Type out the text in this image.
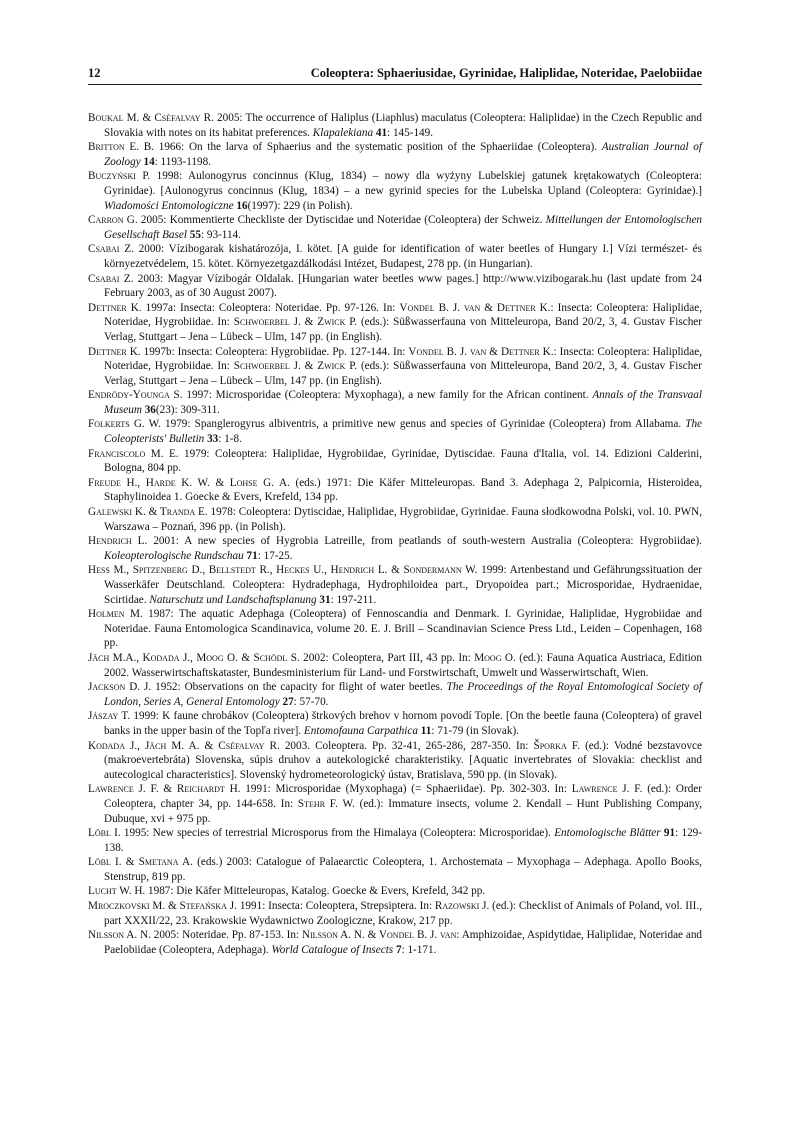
12	Coleoptera: Sphaeriusidae, Gyrinidae, Haliplidae, Noteridae, Paelobiidae
Boukal M. & Cséfalvay R. 2005: The occurrence of Haliplus (Liaphlus) maculatus (Coleoptera: Haliplidae) in the Czech Republic and Slovakia with notes on its habitat preferences. Klapalekiana 41: 145-149.
Britton E. B. 1966: On the larva of Sphaerius and the systematic position of the Sphaeriidae (Coleoptera). Australian Journal of Zoology 14: 1193-1198.
Buczyński P. 1998: Aulonogyrus concinnus (Klug, 1834) – nowy dla wyżyny Lubelskiej gatunek krętakowatych (Coleoptera: Gyrinidae). [Aulonogyrus concinnus (Klug, 1834) – a new gyrinid species for the Lubelska Upland (Coleoptera: Gyrinidae).] Wiadomości Entomologiczne 16(1997): 229 (in Polish).
Carron G. 2005: Kommentierte Checkliste der Dytiscidae und Noteridae (Coleoptera) der Schweiz. Mitteilungen der Entomologischen Gesellschaft Basel 55: 93-114.
Csabai Z. 2000: Vízibogarak kishatározója, I. kötet. [A guide for identification of water beetles of Hungary I.] Vízi természet- és környezetvédelem, 15. kötet. Környezetgazdálkodási Intézet, Budapest, 278 pp. (in Hungarian).
Csabai Z. 2003: Magyar Vízibogár Oldalak. [Hungarian water beetles www pages.] http://www.vizibogarak.hu (last update from 24 February 2003, as of 30 August 2007).
Dettner K. 1997a: Insecta: Coleoptera: Noteridae. Pp. 97-126. In: Vondel B. J. van & Dettner K.: Insecta: Coleoptera: Haliplidae, Noteridae, Hygrobiidae. In: Schwoerbel J. & Zwick P. (eds.): Süßwasserfauna von Mitteleuropa, Band 20/2, 3, 4. Gustav Fischer Verlag, Stuttgart – Jena – Lübeck – Ulm, 147 pp. (in English).
Dettner K. 1997b: Insecta: Coleoptera: Hygrobiidae. Pp. 127-144. In: Vondel B. J. van & Dettner K.: Insecta: Coleoptera: Haliplidae, Noteridae, Hygrobiidae. In: Schwoerbel J. & Zwick P. (eds.): Süßwasserfauna von Mitteleuropa, Band 20/2, 3, 4. Gustav Fischer Verlag, Stuttgart – Jena – Lübeck – Ulm, 147 pp. (in English).
Endrödy-Younga S. 1997: Microsporidae (Coleoptera: Myxophaga), a new family for the African continent. Annals of the Transvaal Museum 36(23): 309-311.
Folkerts G. W. 1979: Spanglerogyrus albiventris, a primitive new genus and species of Gyrinidae (Coleoptera) from Allabama. The Coleopterists' Bulletin 33: 1-8.
Franciscolo M. E. 1979: Coleoptera: Haliplidae, Hygrobiidae, Gyrinidae, Dytiscidae. Fauna d'Italia, vol. 14. Edizioni Calderini, Bologna, 804 pp.
Freude H., Harde K. W. & Lohse G. A. (eds.) 1971: Die Käfer Mitteleuropas. Band 3. Adephaga 2, Palpicornia, Histeroidea, Staphylinoidea 1. Goecke & Evers, Krefeld, 134 pp.
Galewski K. & Tranda E. 1978: Coleoptera: Dytiscidae, Haliplidae, Hygrobiidae, Gyrinidae. Fauna słodkowodna Polski, vol. 10. PWN, Warszawa – Poznań, 396 pp. (in Polish).
Hendrich L. 2001: A new species of Hygrobia Latreille, from peatlands of south-western Australia (Coleoptera: Hygrobiidae). Koleopterologische Rundschau 71: 17-25.
Hess M., Spitzenberg D., Bellstedt R., Heckes U., Hendrich L. & Sondermann W. 1999: Artenbestand und Gefährungssituation der Wasserkäfer Deutschland. Coleoptera: Hydradephaga, Hydrophiloidea part., Dryopoidea part.; Microsporidae, Hydraenidae, Scirtidae. Naturschutz und Landschaftsplanung 31: 197-211.
Holmen M. 1987: The aquatic Adephaga (Coleoptera) of Fennoscandia and Denmark. I. Gyrinidae, Haliplidae, Hygrobiidae and Noteridae. Fauna Entomologica Scandinavica, volume 20. E. J. Brill – Scandinavian Science Press Ltd., Leiden – Copenhagen, 168 pp.
Jäch M.A., Kodada J., Moog O. & Schödl S. 2002: Coleoptera, Part III, 43 pp. In: Moog O. (ed.): Fauna Aquatica Austriaca, Edition 2002. Wasserwirtschaftskataster, Bundesministerium für Land- und Forstwirtschaft, Umwelt und Wasserwirtschaft, Wien.
Jackson D. J. 1952: Observations on the capacity for flight of water beetles. The Proceedings of the Royal Entomological Society of London, Series A, General Entomology 27: 57-70.
Jászay T. 1999: K faune chrobákov (Coleoptera) štrkových brehov v hornom povodí Tople. [On the beetle fauna (Coleoptera) of gravel banks in the upper basin of the Topľa river]. Entomofauna Carpathica 11: 71-79 (in Slovak).
Kodada J., Jäch M. A. & Cséfalvay R. 2003. Coleoptera. Pp. 32-41, 265-286, 287-350. In: Šporka F. (ed.): Vodné bezstavovce (makroevertebráta) Slovenska, súpis druhov a autekologické charakteristiky. [Aquatic invertebrates of Slovakia: checklist and autecological characteristics]. Slovenský hydrometeorologický ústav, Bratislava, 590 pp. (in Slovak).
Lawrence J. F. & Reichardt H. 1991: Microsporidae (Myxophaga) (= Sphaeriidae). Pp. 302-303. In: Lawrence J. F. (ed.): Order Coleoptera, chapter 34, pp. 144-658. In: Stehr F. W. (ed.): Immature insects, volume 2. Kendall – Hunt Publishing Company, Dubuque, xvi + 975 pp.
Löbl I. 1995: New species of terrestrial Microsporus from the Himalaya (Coleoptera: Microsporidae). Entomologische Blätter 91: 129-138.
Löbl I. & Smetana A. (eds.) 2003: Catalogue of Palaearctic Coleoptera, 1. Archostemata – Myxophaga – Adephaga. Apollo Books, Stenstrup, 819 pp.
Lucht W. H. 1987: Die Käfer Mitteleuropas, Katalog. Goecke & Evers, Krefeld, 342 pp.
Mroczkovski M. & Stefańska J. 1991: Insecta: Coleoptera, Strepsiptera. In: Razowski J. (ed.): Checklist of Animals of Poland, vol. III., part XXXII/22, 23. Krakowskie Wydawnictwo Zoologiczne, Krakow, 217 pp.
Nilsson A. N. 2005: Noteridae. Pp. 87-153. In: Nilsson A. N. & Vondel B. J. van: Amphizoidae, Aspidytidae, Haliplidae, Noteridae and Paelobiidae (Coleoptera, Adephaga). World Catalogue of Insects 7: 1-171.
